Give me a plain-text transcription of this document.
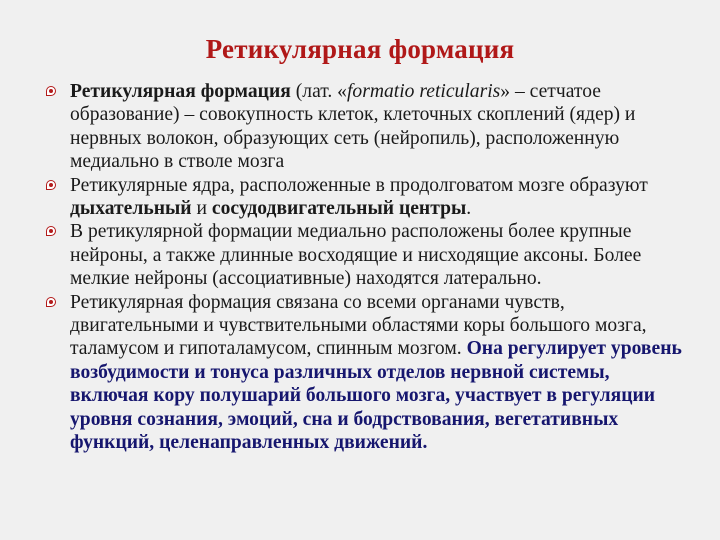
Ретикулярная формация
Ретикулярная формация (лат. «formatio reticularis» – сетчатое образование) – совокупность клеток, клеточных скоплений (ядер) и нервных волокон, образующих сеть (нейропиль), расположенную медиально в стволе мозга
Ретикулярные ядра, расположенные в продолговатом мозге образуют дыхательный и сосудодвигательный центры.
В ретикулярной формации медиально расположены более крупные нейроны, а также длинные восходящие и нисходящие аксоны. Более мелкие нейроны (ассоциативные) находятся латерально.
Ретикулярная формация связана со всеми органами чувств, двигательными и чувствительными областями коры большого мозга, таламусом и гипоталамусом, спинным мозгом. Она регулирует уровень возбудимости и тонуса различных отделов нервной системы, включая кору полушарий большого мозга, участвует в регуляции уровня сознания, эмоций, сна и бодрствования, вегетативных функций, целенаправленных движений.
